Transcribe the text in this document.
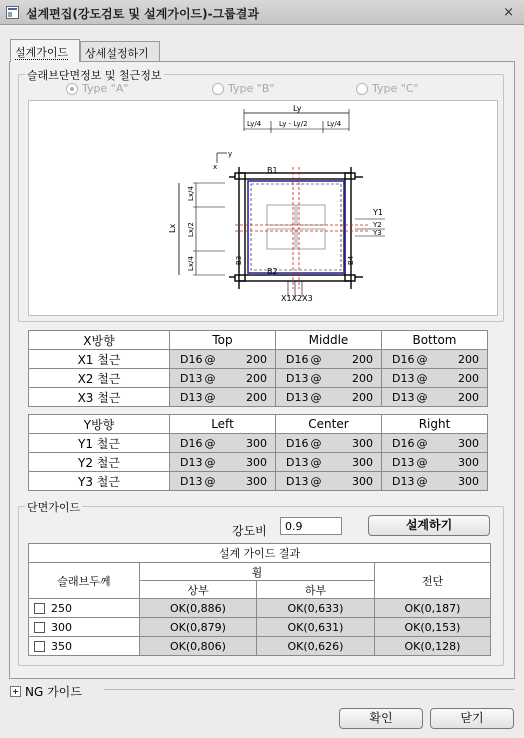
설계편집(강도검토 및 설계가이드)-그룹결과	×
설계가이드	상세설정하기
슬래브단면정보 및 철근정보
Type "A"	Type "B"	Type "C"
Ly
Ly/4	Ly - Ly/2	Ly/4
y
x
Lx
Lx/4
Lx/2
Lx/4
B1
B2
B3	B4
Y1
Y2
Y3
X1X2X3
X방향	Top	Middle	Bottom
X1 철근	D16 @ 200	D16 @ 200	D16 @ 200

X2 철근	D13 @ 200	D13 @ 200	D13 @ 200

X3 철근	D13 @ 200	D13 @ 200	D13 @ 200
Y방향	Left	Center	Right
Y1 철근	D16 @ 300	D16 @ 300	D16 @ 300

Y2 철근	D13 @ 300	D13 @ 300	D13 @ 300

Y3 철근	D13 @ 300	D13 @ 300	D13 @ 300
단면가이드
강도비	0.9	설계하기
설계 가이드 결과			
슬래브두께	휨		전단
	상부	하부	
250	OK(0,886)	OK(0,633)	OK(0,187)
300	OK(0,879)	OK(0,631)	OK(0,153)
350	OK(0,806)	OK(0,626)	OK(0,128)
NG 가이드
확인	닫기
